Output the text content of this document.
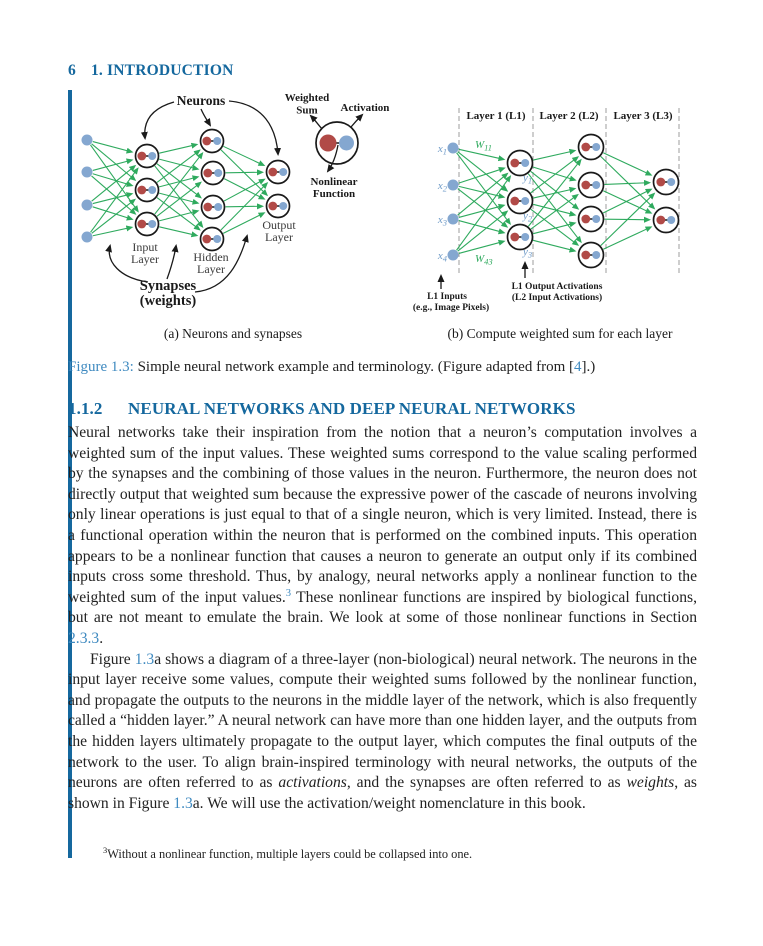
6 1. INTRODUCTION
Neurons	Weighted
Sum Activation
Nonlinear
Function
Input
Layer	Hidden
Layer
Output
Layer
Synapses
(weights)
Layer 1 (L1) Layer 2 (L2) Layer 3 (L3)
$W_{11}$
$W_{43}$
$x_1$
$x_2$
$x_3$
$x_4$
$y_1$
$y_2$
$y_3$
L1 Inputs
(e.g., Image Pixels)
L1 Output Activations
(L2 Input Activations)
(a) Neurons and synapses	(b) Compute weighted sum for each layer

Figure 1.3: Simple neural network example and terminology. (Figure adapted from [4].)

1.1.2 NEURAL NETWORKS AND DEEP NEURAL NETWORKS

Neural networks take their inspiration from the notion that a neuron’s computation involves a weighted sum of the input values. These weighted sums correspond to the value scaling performed by the synapses and the combining of those values in the neuron. Furthermore, the neuron does not directly output that weighted sum because the expressive power of the cascade of neurons involving only linear operations is just equal to that of a single neuron, which is very limited. Instead, there is a functional operation within the neuron that is performed on the combined inputs. This operation appears to be a nonlinear function that causes a neuron to generate an output only if its combined inputs cross some threshold. Thus, by analogy, neural networks apply a nonlinear function to the weighted sum of the input values.$^3$ These nonlinear functions are inspired by biological functions, but are not meant to emulate the brain. We look at some of those nonlinear functions in Section 2.3.3.

Figure 1.3a shows a diagram of a three-layer (non-biological) neural network. The neurons in the input layer receive some values, compute their weighted sums followed by the nonlinear function, and propagate the outputs to the neurons in the middle layer of the network, which is also frequently called a “hidden layer.” A neural network can have more than one hidden layer, and the outputs from the hidden layers ultimately propagate to the output layer, which computes the final outputs of the network to the user. To align brain-inspired terminology with neural networks, the outputs of the neurons are often referred to as activations, and the synapses are often referred to as weights, as shown in Figure 1.3a. We will use the activation/weight nomenclature in this book.

$^3$Without a nonlinear function, multiple layers could be collapsed into one.
